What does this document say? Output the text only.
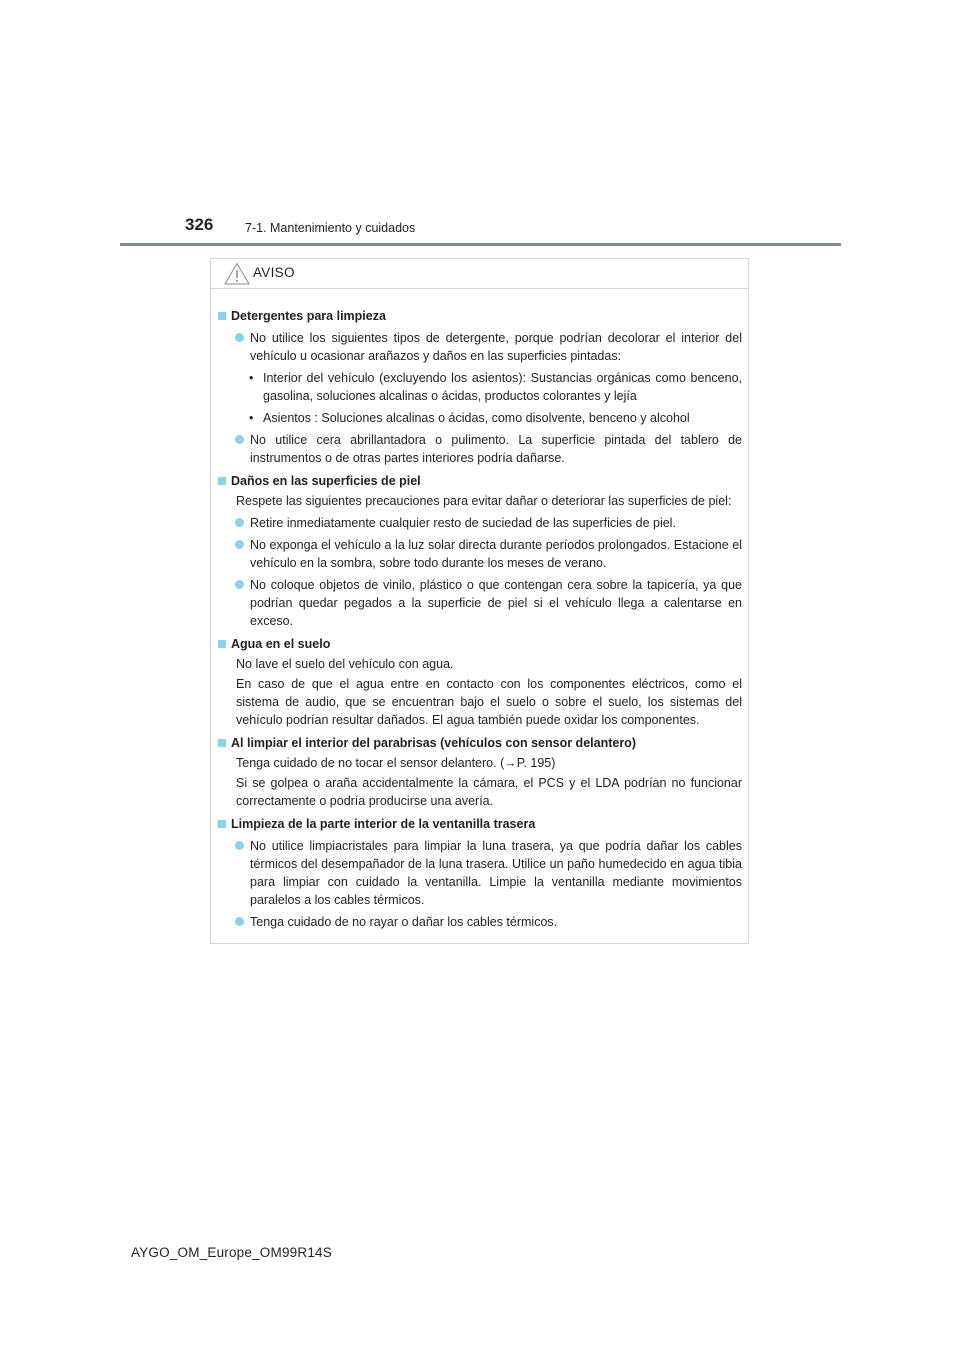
326	7-1. Mantenimiento y cuidados
AVISO
Detergentes para limpieza
No utilice los siguientes tipos de detergente, porque podrían decolorar el interior del vehículo u ocasionar arañazos y daños en las superficies pintadas:
• Interior del vehículo (excluyendo los asientos): Sustancias orgánicas como benceno, gasolina, soluciones alcalinas o ácidas, productos colorantes y lejía
• Asientos : Soluciones alcalinas o ácidas, como disolvente, benceno y alcohol
No utilice cera abrillantadora o pulimento. La superficie pintada del tablero de instrumentos o de otras partes interiores podría dañarse.
Daños en las superficies de piel
Respete las siguientes precauciones para evitar dañar o deteriorar las superficies de piel:
Retire inmediatamente cualquier resto de suciedad de las superficies de piel.
No exponga el vehículo a la luz solar directa durante períodos prolongados. Estacione el vehículo en la sombra, sobre todo durante los meses de verano.
No coloque objetos de vinilo, plástico o que contengan cera sobre la tapicería, ya que podrían quedar pegados a la superficie de piel si el vehículo llega a calentarse en exceso.
Agua en el suelo
No lave el suelo del vehículo con agua.
En caso de que el agua entre en contacto con los componentes eléctricos, como el sistema de audio, que se encuentran bajo el suelo o sobre el suelo, los sistemas del vehículo podrían resultar dañados. El agua también puede oxidar los componentes.
Al limpiar el interior del parabrisas (vehículos con sensor delantero)
Tenga cuidado de no tocar el sensor delantero. (→P. 195)
Si se golpea o araña accidentalmente la cámara, el PCS y el LDA podrían no funcionar correctamente o podría producirse una avería.
Limpieza de la parte interior de la ventanilla trasera
No utilice limpiacristales para limpiar la luna trasera, ya que podría dañar los cables térmicos del desempañador de la luna trasera. Utilice un paño humedecido en agua tibia para limpiar con cuidado la ventanilla. Limpie la ventanilla mediante movimientos paralelos a los cables térmicos.
Tenga cuidado de no rayar o dañar los cables térmicos.
AYGO_OM_Europe_OM99R14S
